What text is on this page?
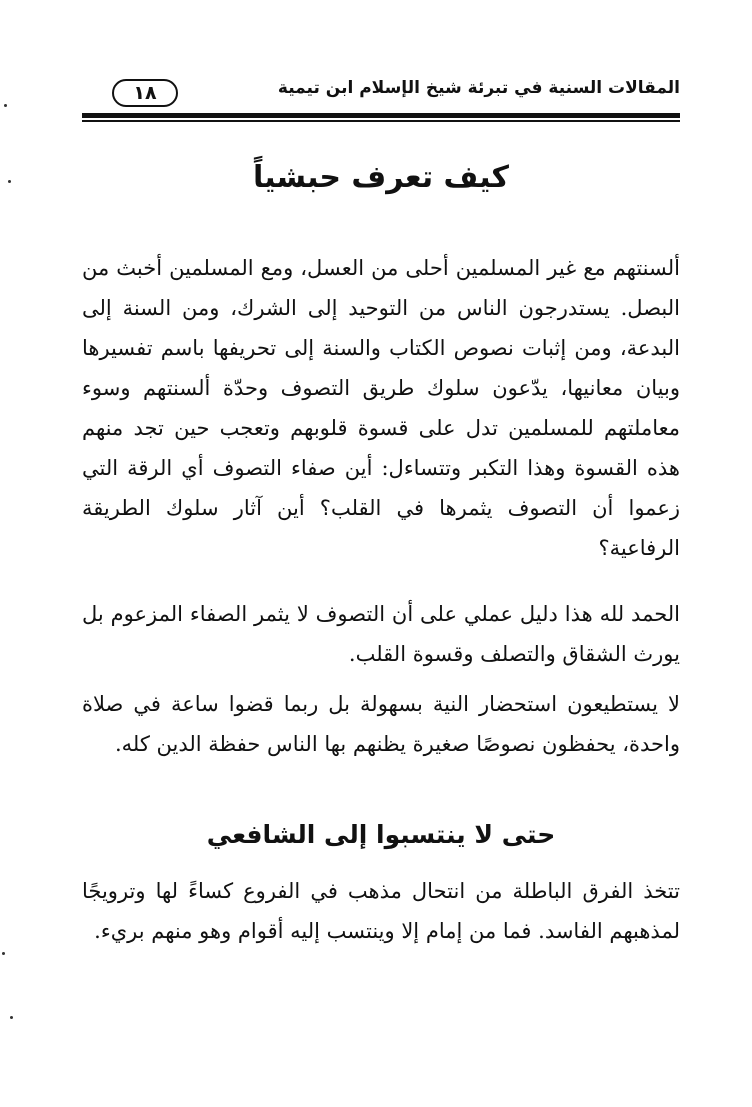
١٨	المقالات السنية في تبرئة شيخ الإسلام ابن تيمية
كيف تعرف حبشياً
ألسنتهم مع غير المسلمين أحلى من العسل، ومع المسلمين أخبث من البصل. يستدرجون الناس من التوحيد إلى الشرك، ومن السنة إلى البدعة، ومن إثبات نصوص الكتاب والسنة إلى تحريفها باسم تفسيرها وبيان معانيها، يدّعون سلوك طريق التصوف وحدّة ألسنتهم وسوء معاملتهم للمسلمين تدل على قسوة قلوبهم وتعجب حين تجد منهم هذه القسوة وهذا التكبر وتتساءل: أين صفاء التصوف أي الرقة التي زعموا أن التصوف يثمرها في القلب؟ أين آثار سلوك الطريقة الرفاعية؟
الحمد لله هذا دليل عملي على أن التصوف لا يثمر الصفاء المزعوم بل يورث الشقاق والتصلف وقسوة القلب.
لا يستطيعون استحضار النية بسهولة بل ربما قضوا ساعة في صلاة واحدة، يحفظون نصوصًا صغيرة يظنهم بها الناس حفظة الدين كله.
حتى لا ينتسبوا إلى الشافعي
تتخذ الفرق الباطلة من انتحال مذهب في الفروع كساءً لها وترويجًا لمذهبهم الفاسد. فما من إمام إلا وينتسب إليه أقوام وهو منهم بريء.
